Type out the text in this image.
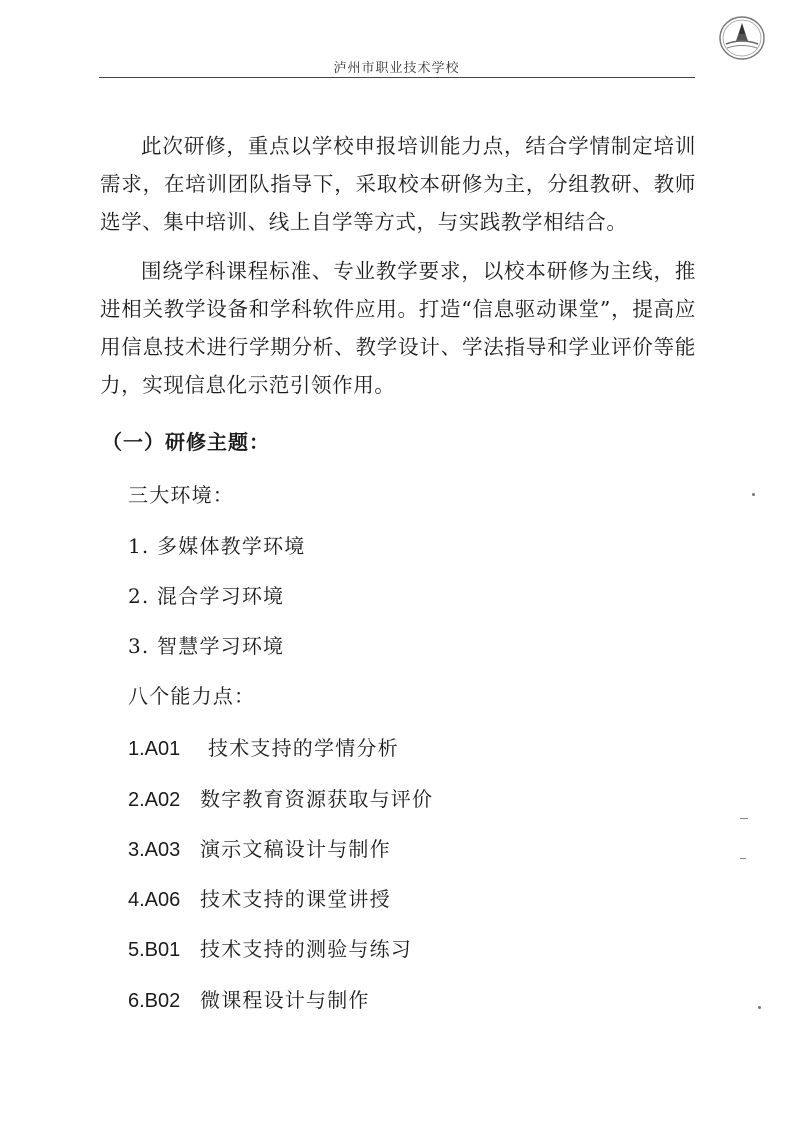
泸州市职业技术学校

此次研修，重点以学校申报培训能力点，结合学情制定培训需求，在培训团队指导下，采取校本研修为主，分组教研、教师选学、集中培训、线上自学等方式，与实践教学相结合。

围绕学科课程标准、专业教学要求，以校本研修为主线，推进相关教学设备和学科软件应用。打造“信息驱动课堂”，提高应用信息技术进行学期分析、教学设计、学法指导和学业评价等能力，实现信息化示范引领作用。

（一）研修主题：

三大环境：

1. 多媒体教学环境

2. 混合学习环境

3. 智慧学习环境

八个能力点：

1.A01 技术支持的学情分析

2.A02 数字教育资源获取与评价

3.A03 演示文稿设计与制作

4.A06 技术支持的课堂讲授

5.B01 技术支持的测验与练习

6.B02 微课程设计与制作
